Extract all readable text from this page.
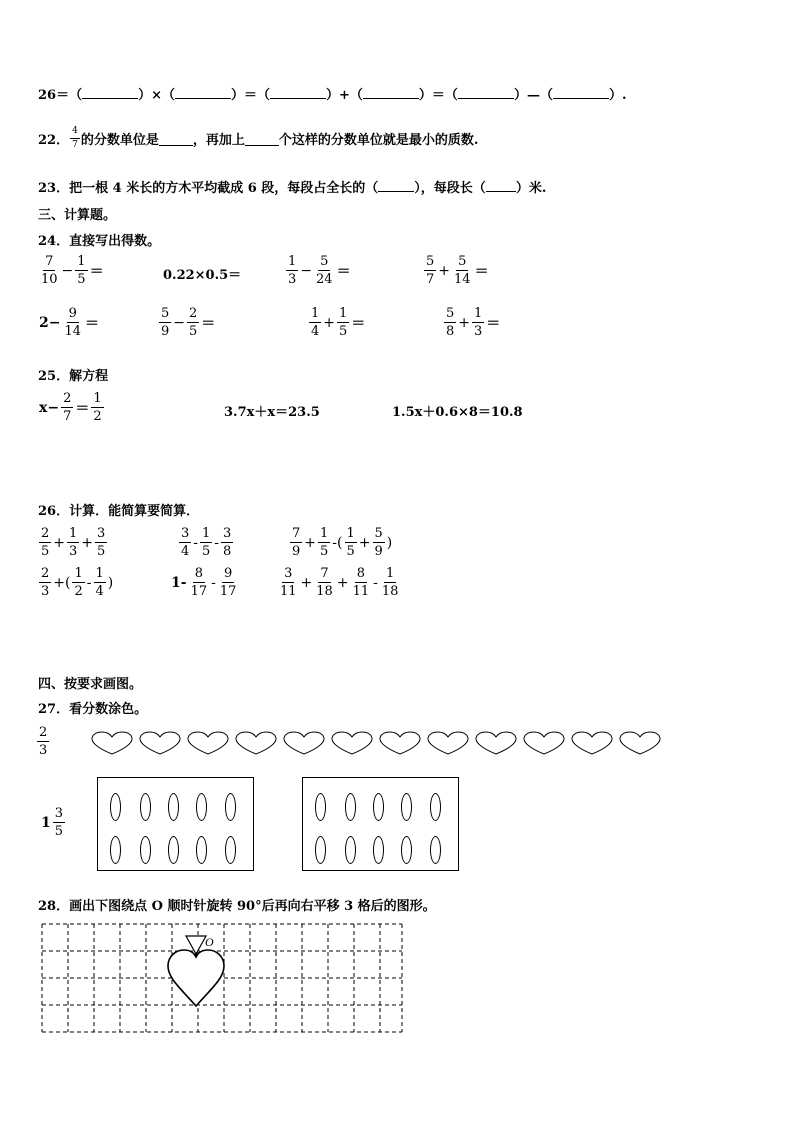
26＝（	）×（	）＝（	）+（	）＝（	）—（	）.
22． $\frac{4}{7}$ 的分数单位是	，再加上	个这样的分数单位就是最小的质数.
23．把一根 4 米长的方木平均截成 6 段，每段占全长的（	），每段长（ ）米.
三、计算题。
24．直接写出得数。
$\frac{7}{10} - \frac{1}{5}$ ＝	0.22×0.5＝	$\frac{1}{3} - \frac{5}{24}$ ＝	$\frac{5}{7} + \frac{5}{14}$ ＝
$2- \frac{9}{14}$ ＝	$\frac{5}{9} - \frac{2}{5}$ ＝	$\frac{1}{4} + \frac{1}{5}$ ＝	$\frac{5}{8} + \frac{1}{3}$ ＝
25．解方程
$x- \frac{2}{7} = \frac{1}{2}$	3.7x＋x＝23.5	1.5x＋0.6×8＝10.8
26．计算．能简算要简算．
$\frac{2}{5} + \frac{1}{3} + \frac{3}{5}$	$\frac{3}{4} - \frac{1}{5} - \frac{3}{8}$	$\frac{7}{9} + \frac{1}{5}$ -( $\frac{1}{5} + \frac{5}{9}$ )
$\frac{2}{3}$ +( $\frac{1}{2} - \frac{1}{4}$ )	$1- \frac{8}{17} - \frac{9}{17}$	$\frac{3}{11} + \frac{7}{18} + \frac{8}{11} - \frac{1}{18}$
四、按要求画图。
27．看分数涂色。
$\frac{2}{3}$
$1 \frac{3}{5}$
28．画出下图绕点 O 顺时针旋转 90°后再向右平移 3 格后的图形。
O
